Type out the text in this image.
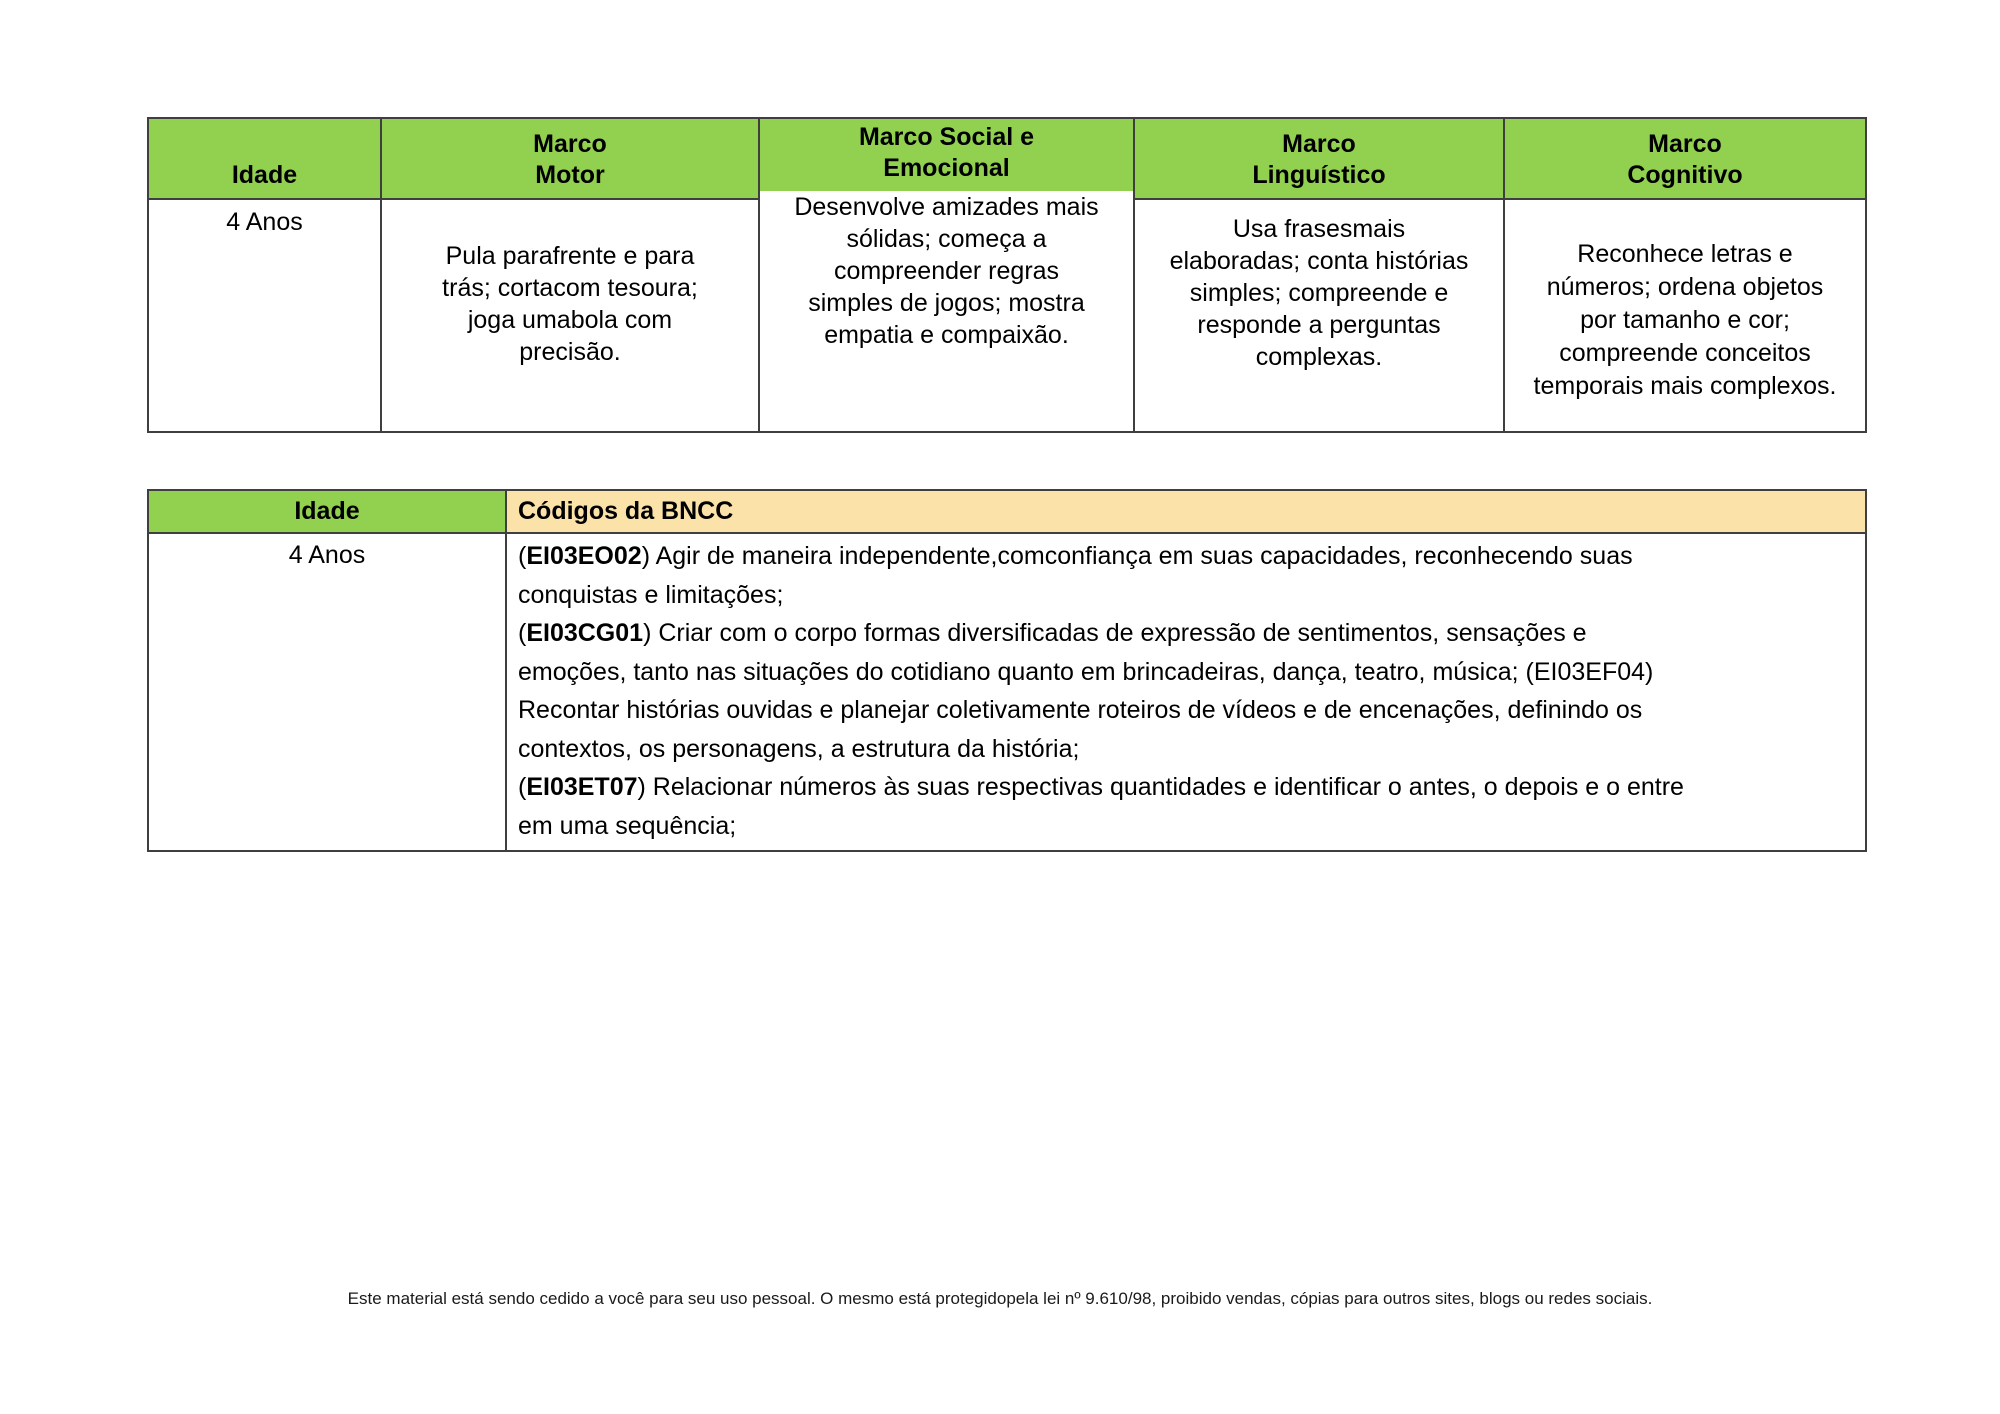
Idade
Marco
Motor
Marco Social e
Emocional
Marco
Linguístico
Marco
Cognitivo
4 Anos
Pula parafrente e para
trás; cortacom tesoura;
joga umabola com
precisão.
Desenvolve amizades mais
sólidas; começa a
compreender regras
simples de jogos; mostra
empatia e compaixão.
Usa frasesmais
elaboradas; conta histórias
simples; compreende e
responde a perguntas
complexas.
Reconhece letras e
números; ordena objetos
por tamanho e cor;
compreende conceitos
temporais mais complexos.
Idade	Códigos da BNCC
4 Anos	(EI03EO02) Agir de maneira independente,comconfiança em suas capacidades, reconhecendo suas
conquistas e limitações;
(EI03CG01) Criar com o corpo formas diversificadas de expressão de sentimentos, sensações e
emoções, tanto nas situações do cotidiano quanto em brincadeiras, dança, teatro, música; (EI03EF04)
Recontar histórias ouvidas e planejar coletivamente roteiros de vídeos e de encenações, definindo os
contextos, os personagens, a estrutura da história;
(EI03ET07) Relacionar números às suas respectivas quantidades e identificar o antes, o depois e o entre
em uma sequência;
Este material está sendo cedido a você para seu uso pessoal. O mesmo está protegidopela lei nº 9.610/98, proibido vendas, cópias para outros sites, blogs ou redes sociais.
